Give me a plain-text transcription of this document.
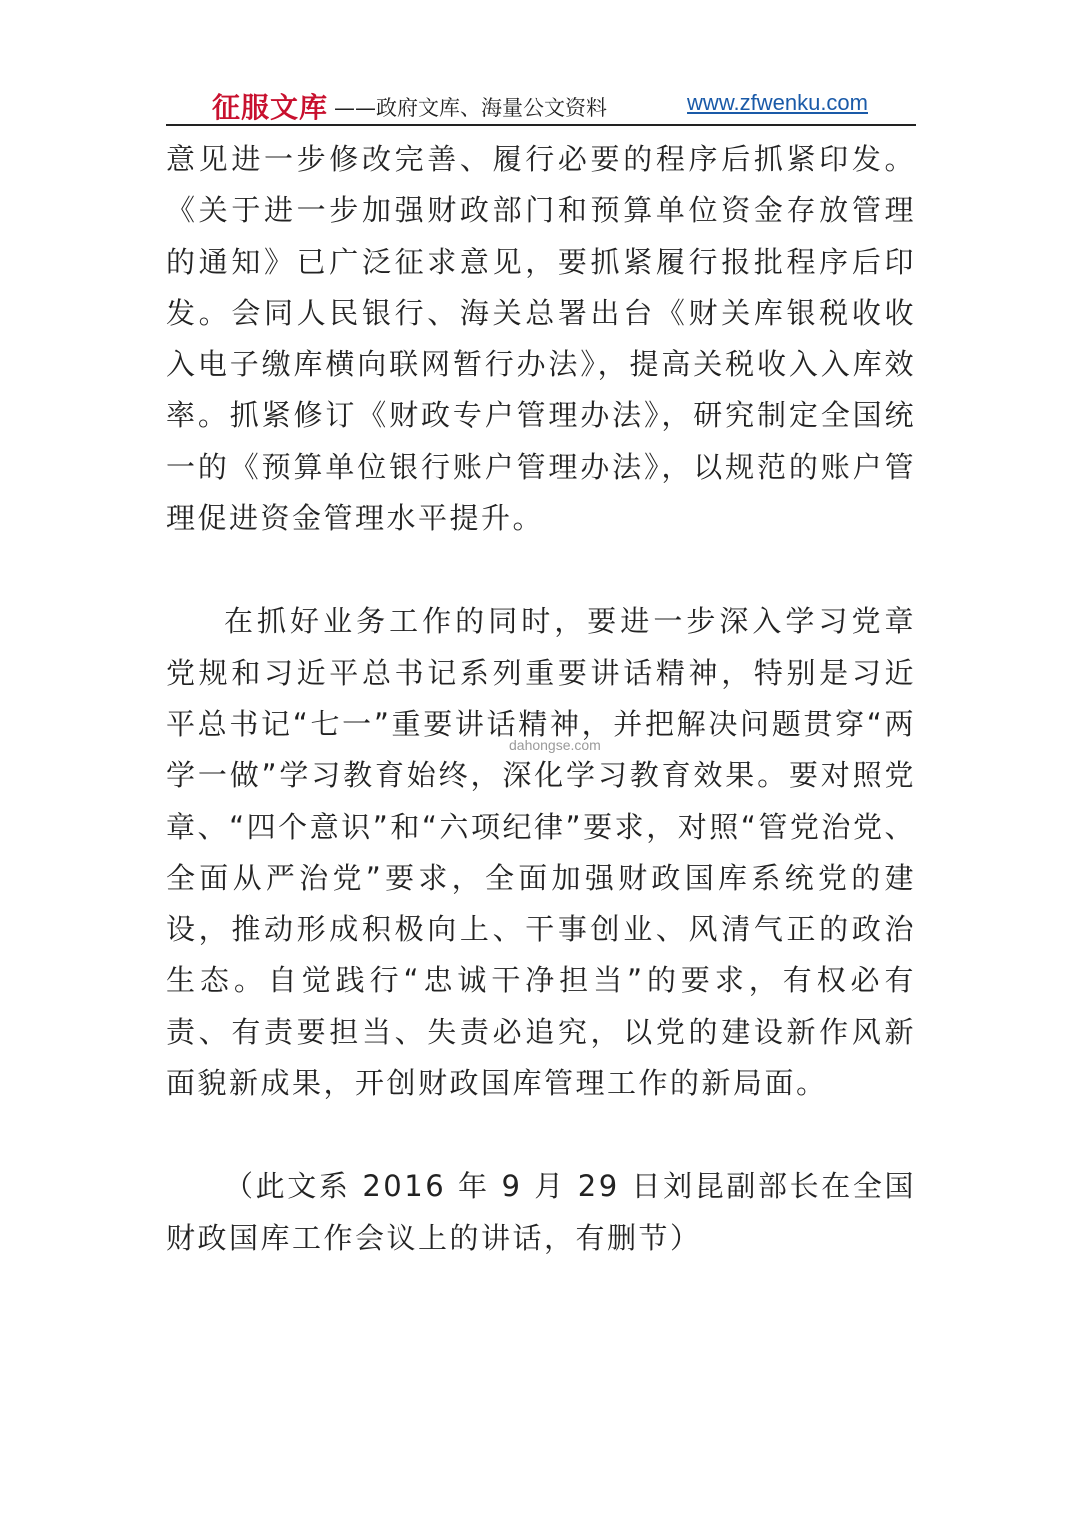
征服文库 ——政府文库、海量公文资料	www.zfwenku.com

意见进一步修改完善、履行必要的程序后抓紧印发。《关于进一步加强财政部门和预算单位资金存放管理的通知》已广泛征求意见，要抓紧履行报批程序后印发。会同人民银行、海关总署出台《财关库银税收收入电子缴库横向联网暂行办法》，提高关税收入入库效率。抓紧修订《财政专户管理办法》，研究制定全国统一的《预算单位银行账户管理办法》，以规范的账户管理促进资金管理水平提升。

在抓好业务工作的同时，要进一步深入学习党章党规和习近平总书记系列重要讲话精神，特别是习近平总书记“七一”重要讲话精神，并把解决问题贯穿“两学一做”学习教育始终，深化学习教育效果。要对照党章、“四个意识”和“六项纪律”要求，对照“管党治党、全面从严治党”要求，全面加强财政国库系统党的建设，推动形成积极向上、干事创业、风清气正的政治生态。自觉践行“忠诚干净担当”的要求，有权必有责、有责要担当、失责必追究，以党的建设新作风新面貌新成果，开创财政国库管理工作的新局面。

（此文系 2016 年 9 月 29 日刘昆副部长在全国财政国库工作会议上的讲话，有删节）

dahongse.com
